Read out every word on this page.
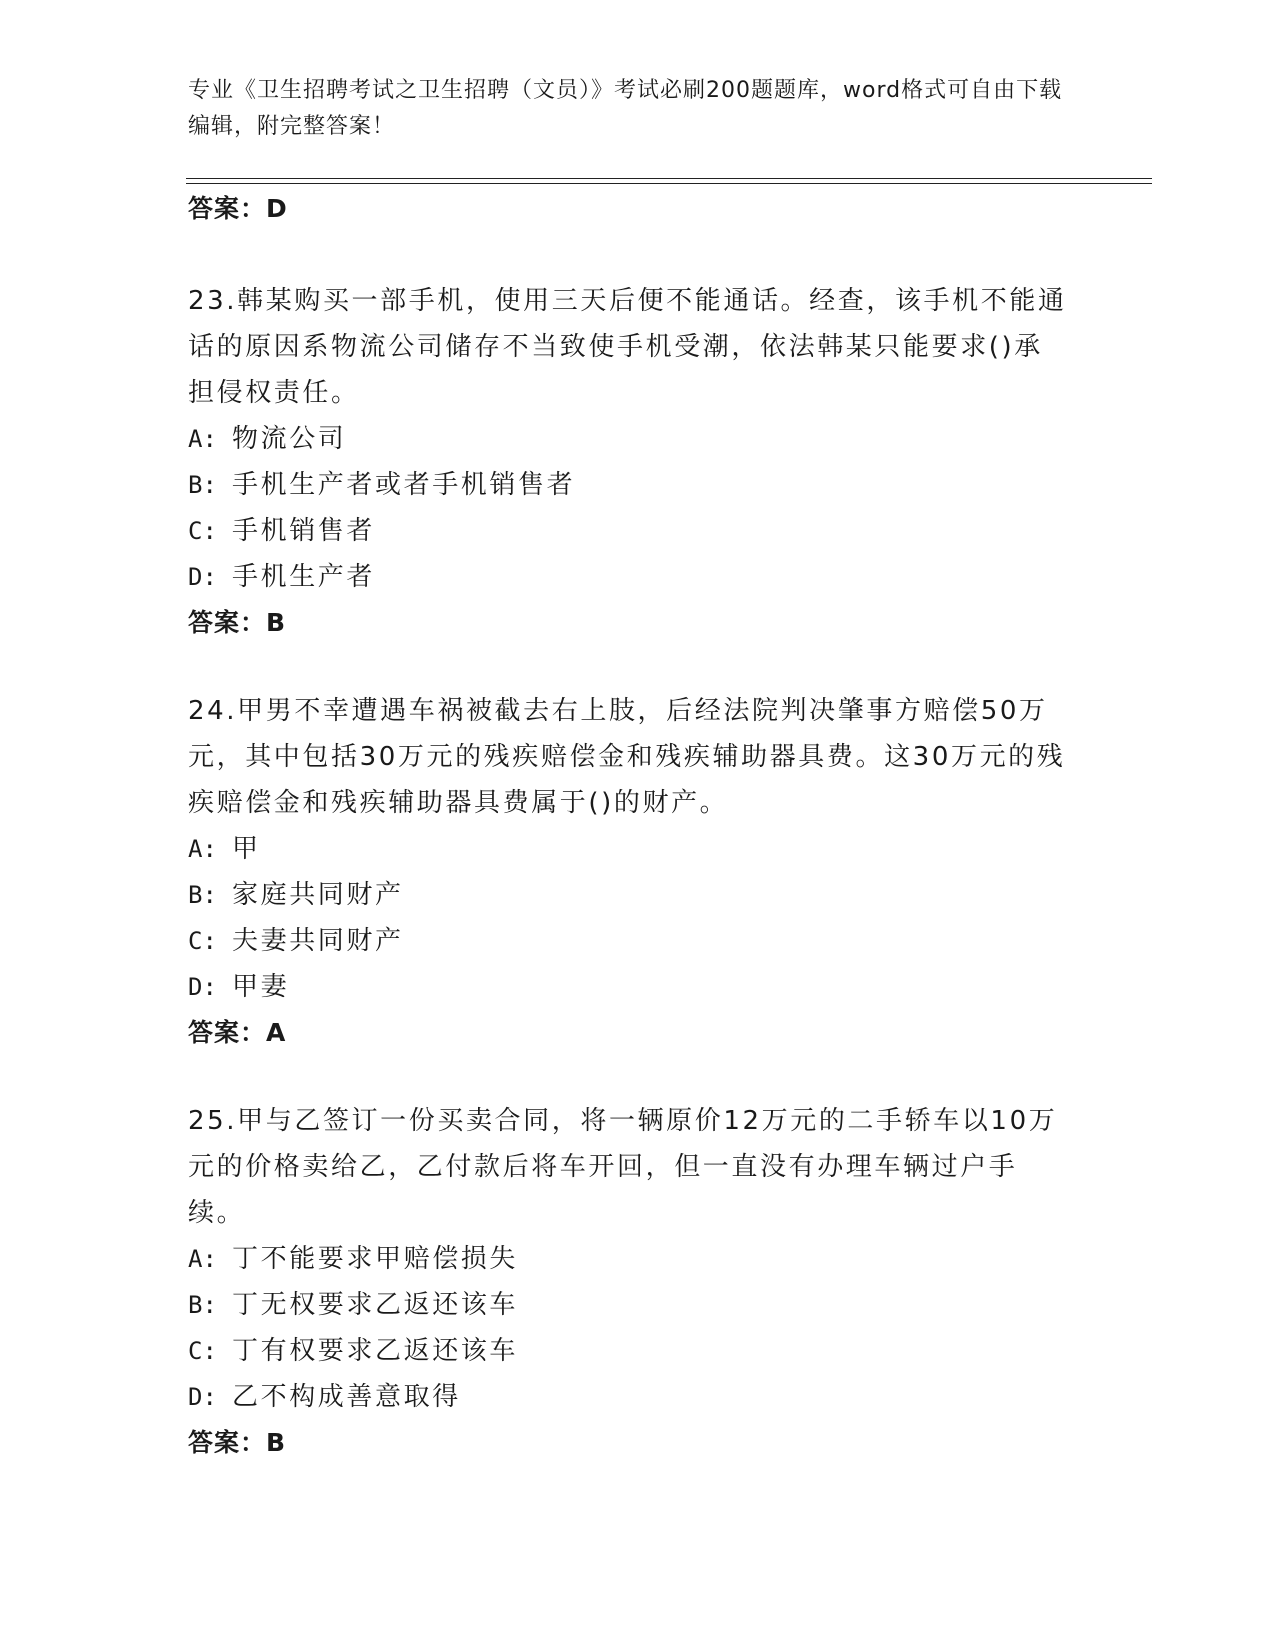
专业《卫生招聘考试之卫生招聘（文员）》考试必刷200题题库，word格式可自由下载编辑，附完整答案！

答案：D

23.韩某购买一部手机，使用三天后便不能通话。经查，该手机不能通话的原因系物流公司储存不当致使手机受潮，依法韩某只能要求()承担侵权责任。

A: 物流公司

B: 手机生产者或者手机销售者

C: 手机销售者

D: 手机生产者

答案：B

24.甲男不幸遭遇车祸被截去右上肢，后经法院判决肇事方赔偿50万元，其中包括30万元的残疾赔偿金和残疾辅助器具费。这30万元的残疾赔偿金和残疾辅助器具费属于()的财产。

A: 甲

B: 家庭共同财产

C: 夫妻共同财产

D: 甲妻

答案：A

25.甲与乙签订一份买卖合同，将一辆原价12万元的二手轿车以10万元的价格卖给乙，乙付款后将车开回，但一直没有办理车辆过户手续。

A: 丁不能要求甲赔偿损失

B: 丁无权要求乙返还该车

C: 丁有权要求乙返还该车

D: 乙不构成善意取得

答案：B
